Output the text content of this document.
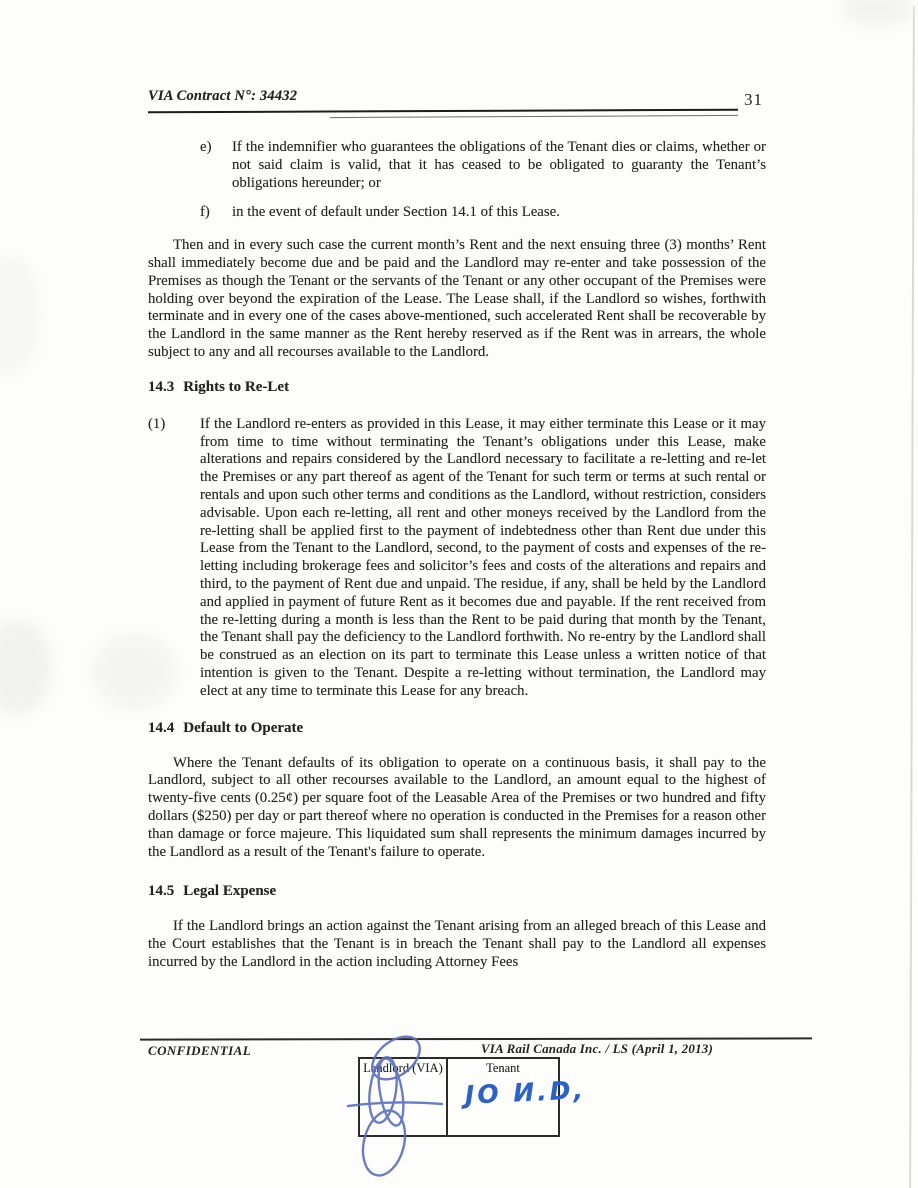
VIA Contract N°: 34432	31
e)	If the indemnifier who guarantees the obligations of the Tenant dies or claims, whether or not said claim is valid, that it has ceased to be obligated to guaranty the Tenant’s obligations hereunder; or
f)	in the event of default under Section 14.1 of this Lease.

Then and in every such case the current month’s Rent and the next ensuing three (3) months’ Rent shall immediately become due and be paid and the Landlord may re-enter and take possession of the Premises as though the Tenant or the servants of the Tenant or any other occupant of the Premises were holding over beyond the expiration of the Lease. The Lease shall, if the Landlord so wishes, forthwith terminate and in every one of the cases above-mentioned, such accelerated Rent shall be recoverable by the Landlord in the same manner as the Rent hereby reserved as if the Rent was in arrears, the whole subject to any and all recourses available to the Landlord.

14.3 Rights to Re-Let
(1)	If the Landlord re-enters as provided in this Lease, it may either terminate this Lease or it may from time to time without terminating the Tenant’s obligations under this Lease, make alterations and repairs considered by the Landlord necessary to facilitate a re-letting and re-let the Premises or any part thereof as agent of the Tenant for such term or terms at such rental or rentals and upon such other terms and conditions as the Landlord, without restriction, considers advisable. Upon each re-letting, all rent and other moneys received by the Landlord from the re-letting shall be applied first to the payment of indebtedness other than Rent due under this Lease from the Tenant to the Landlord, second, to the payment of costs and expenses of the re-letting including brokerage fees and solicitor’s fees and costs of the alterations and repairs and third, to the payment of Rent due and unpaid. The residue, if any, shall be held by the Landlord and applied in payment of future Rent as it becomes due and payable. If the rent received from the re-letting during a month is less than the Rent to be paid during that month by the Tenant, the Tenant shall pay the deficiency to the Landlord forthwith. No re-entry by the Landlord shall be construed as an election on its part to terminate this Lease unless a written notice of that intention is given to the Tenant. Despite a re-letting without termination, the Landlord may elect at any time to terminate this Lease for any breach.
14.4 Default to Operate

Where the Tenant defaults of its obligation to operate on a continuous basis, it shall pay to the Landlord, subject to all other recourses available to the Landlord, an amount equal to the highest of twenty-five cents (0.25¢) per square foot of the Leasable Area of the Premises or two hundred and fifty dollars ($250) per day or part thereof where no operation is conducted in the Premises for a reason other than damage or force majeure. This liquidated sum shall represents the minimum damages incurred by the Landlord as a result of the Tenant's failure to operate.

14.5 Legal Expense

If the Landlord brings an action against the Tenant arising from an alleged breach of this Lease and the Court establishes that the Tenant is in breach the Tenant shall pay to the Landlord all expenses incurred by the Landlord in the action including Attorney Fees

CONFIDENTIAL	VIA Rail Canada Inc. / LS (April 1, 2013)
Landlord (VIA)	Tenant
JO И.D,
